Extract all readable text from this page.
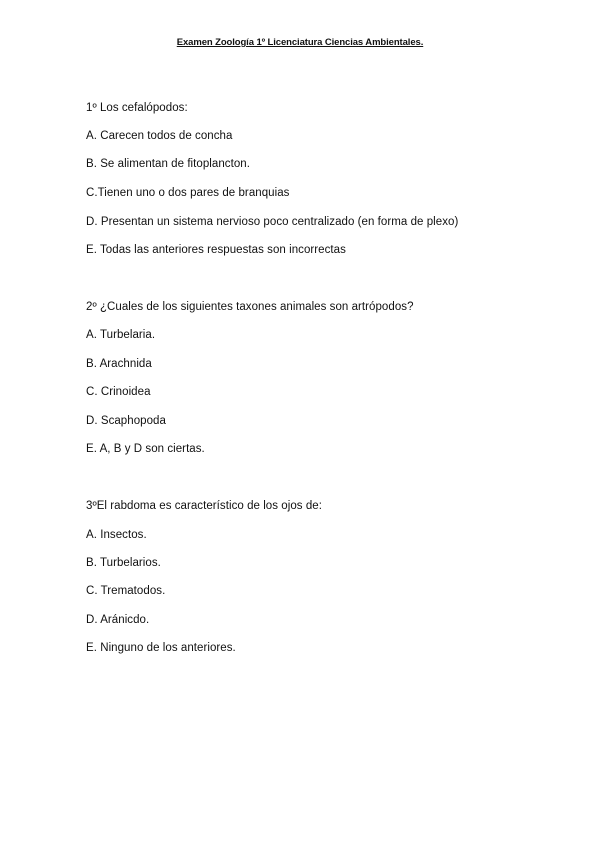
Examen Zoología 1º Licenciatura Ciencias Ambientales.
1º Los cefalópodos:
A. Carecen todos de concha
B. Se alimentan de fitoplancton.
C.Tienen uno o dos pares de branquias
D. Presentan un sistema nervioso poco centralizado (en forma de plexo)
E. Todas las anteriores respuestas son incorrectas
2º ¿Cuales de los siguientes taxones animales son artrópodos?
A. Turbelaria.
B. Arachnida
C. Crinoidea
D. Scaphopoda
E. A, B y D son ciertas.
3ºEl rabdoma es característico de los ojos de:
A. Insectos.
B. Turbelarios.
C. Trematodos.
D. Aránicdo.
E. Ninguno de los anteriores.
